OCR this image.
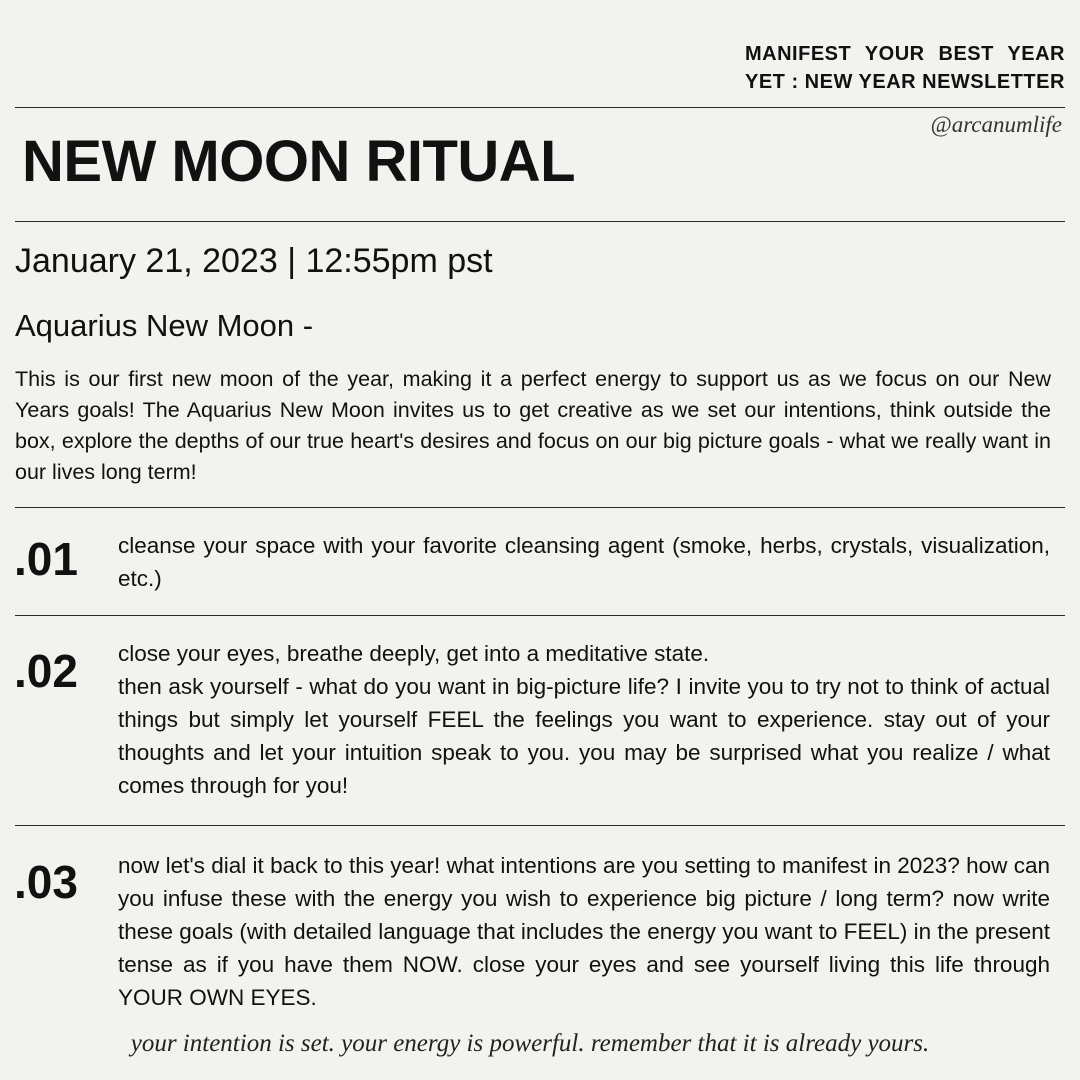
MANIFEST YOUR BEST YEAR YET : NEW YEAR NEWSLETTER
@arcanumlife
NEW MOON RITUAL
January 21, 2023 | 12:55pm pst
Aquarius New Moon -

This is our first new moon of the year, making it a perfect energy to support us as we focus on our New Years goals! The Aquarius New Moon invites us to get creative as we set our intentions, think outside the box, explore the depths of our true heart's desires and focus on our big picture goals - what we really want in our lives long term!

.01 cleanse your space with your favorite cleansing agent (smoke, herbs, crystals, visualization, etc.)
.02 close your eyes, breathe deeply, get into a meditative state.
then ask yourself - what do you want in big-picture life? I invite you to try not to think of actual things but simply let yourself FEEL the feelings you want to experience. stay out of your thoughts and let your intuition speak to you. you may be surprised what you realize / what comes through for you!
.03 now let's dial it back to this year! what intentions are you setting to manifest in 2023? how can you infuse these with the energy you wish to experience big picture / long term? now write these goals (with detailed language that includes the energy you want to FEEL) in the present tense as if you have them NOW. close your eyes and see yourself living this life through YOUR OWN EYES.
your intention is set. your energy is powerful. remember that it is already yours.
